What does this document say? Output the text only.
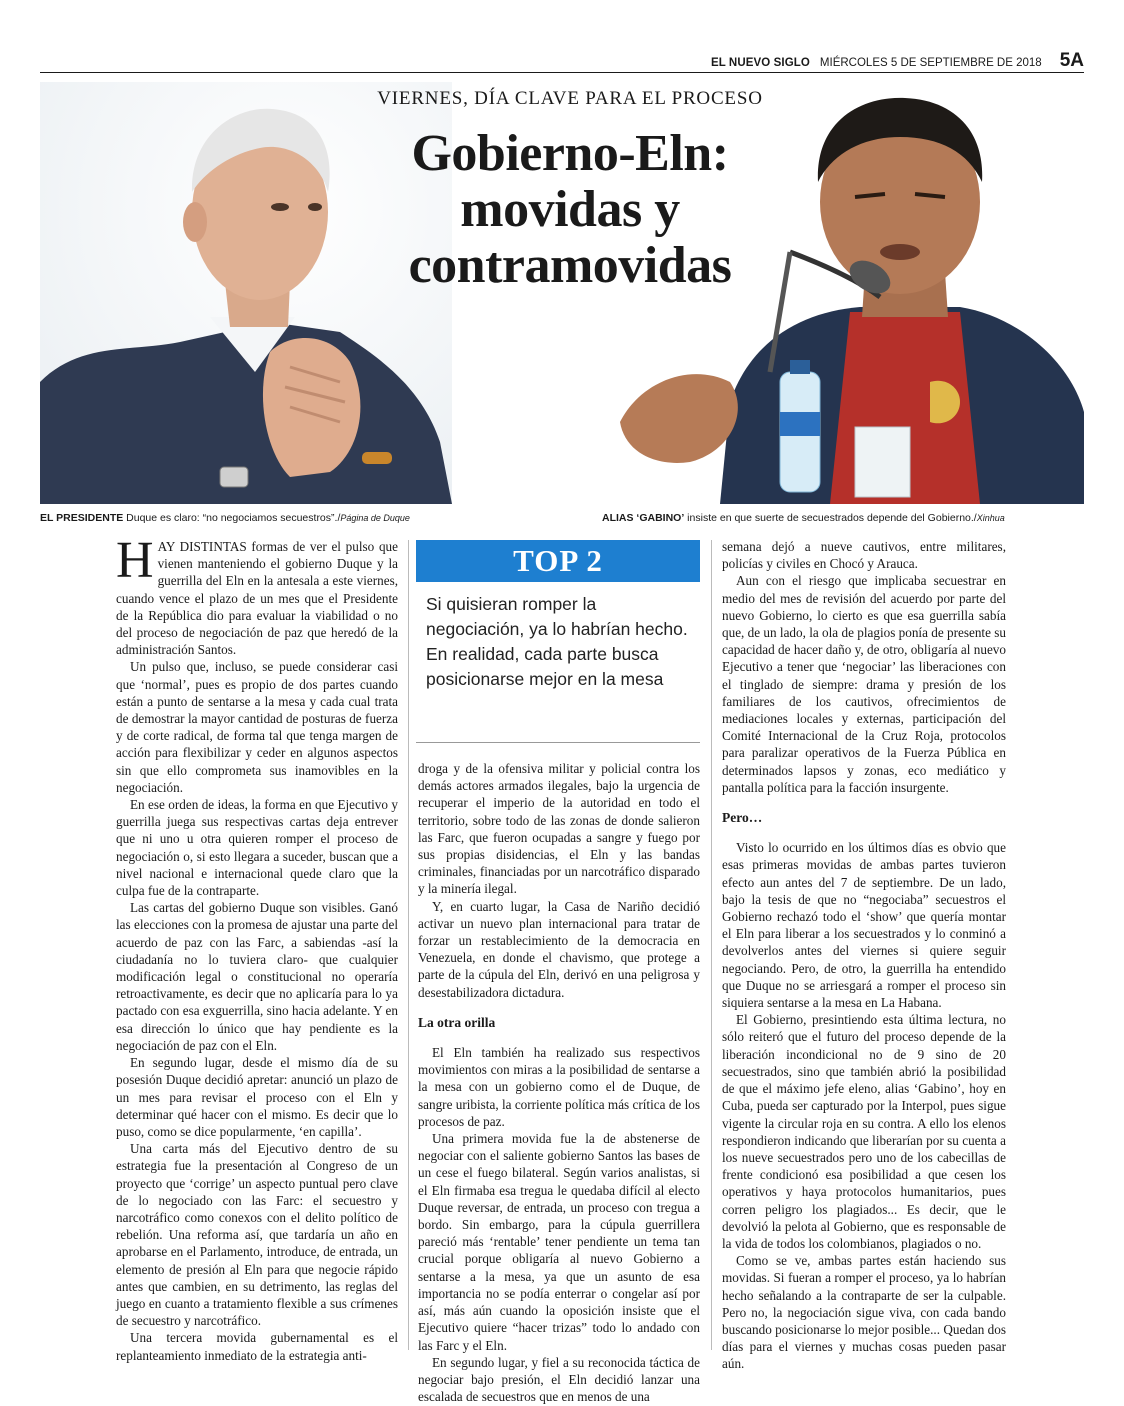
EL NUEVO SIGLO MIÉRCOLES 5 DE SEPTIEMBRE DE 2018 5A
VIERNES, DÍA CLAVE PARA EL PROCESO
Gobierno-Eln: movidas y contramovidas
EL PRESIDENTE Duque es claro: “no negociamos secuestros”./Página de Duque	ALIAS ‘GABINO’ insiste en que suerte de secuestrados depende del Gobierno./Xinhua

HAY DISTINTAS formas de ver el pulso que vienen manteniendo el gobierno Duque y la guerrilla del Eln en la antesala a este viernes, cuando vence el plazo de un mes que el Presidente de la República dio para evaluar la viabilidad o no del proceso de negociación de paz que heredó de la administración Santos.

Un pulso que, incluso, se puede considerar casi que ‘normal’, pues es propio de dos partes cuando están a punto de sentarse a la mesa y cada cual trata de demostrar la mayor cantidad de posturas de fuerza y de corte radical, de forma tal que tenga margen de acción para flexibilizar y ceder en algunos aspectos sin que ello comprometa sus inamovibles en la negociación.

En ese orden de ideas, la forma en que Ejecutivo y guerrilla juega sus respectivas cartas deja entrever que ni uno u otra quieren romper el proceso de negociación o, si esto llegara a suceder, buscan que a nivel nacional e internacional quede claro que la culpa fue de la contraparte.

Las cartas del gobierno Duque son visibles. Ganó las elecciones con la promesa de ajustar una parte del acuerdo de paz con las Farc, a sabiendas -así la ciudadanía no lo tuviera claro- que cualquier modificación legal o constitucional no operaría retroactivamente, es decir que no aplicaría para lo ya pactado con esa exguerrilla, sino hacia adelante. Y en esa dirección lo único que hay pendiente es la negociación de paz con el Eln.

En segundo lugar, desde el mismo día de su posesión Duque decidió apretar: anunció un plazo de un mes para revisar el proceso con el Eln y determinar qué hacer con el mismo. Es decir que lo puso, como se dice popularmente, ‘en capilla’.

Una carta más del Ejecutivo dentro de su estrategia fue la presentación al Congreso de un proyecto que ‘corrige’ un aspecto puntual pero clave de lo negociado con las Farc: el secuestro y narcotráfico como conexos con el delito político de rebelión. Una reforma así, que tardaría un año en aprobarse en el Parlamento, introduce, de entrada, un elemento de presión al Eln para que negocie rápido antes que cambien, en su detrimento, las reglas del juego en cuanto a tratamiento flexible a sus crímenes de secuestro y narcotráfico.

Una tercera movida gubernamental es el replanteamiento inmediato de la estrategia anti-

TOP 2
Si quisieran romper la negociación, ya lo habrían hecho. En realidad, cada parte busca posicionarse mejor en la mesa

droga y de la ofensiva militar y policial contra los demás actores armados ilegales, bajo la urgencia de recuperar el imperio de la autoridad en todo el territorio, sobre todo de las zonas de donde salieron las Farc, que fueron ocupadas a sangre y fuego por sus propias disidencias, el Eln y las bandas criminales, financiadas por un narcotráfico disparado y la minería ilegal.

Y, en cuarto lugar, la Casa de Nariño decidió activar un nuevo plan internacional para tratar de forzar un restablecimiento de la democracia en Venezuela, en donde el chavismo, que protege a parte de la cúpula del Eln, derivó en una peligrosa y desestabilizadora dictadura.

La otra orilla

El Eln también ha realizado sus respectivos movimientos con miras a la posibilidad de sentarse a la mesa con un gobierno como el de Duque, de sangre uribista, la corriente política más crítica de los procesos de paz.

Una primera movida fue la de abstenerse de negociar con el saliente gobierno Santos las bases de un cese el fuego bilateral. Según varios analistas, si el Eln firmaba esa tregua le quedaba difícil al electo Duque reversar, de entrada, un proceso con tregua a bordo. Sin embargo, para la cúpula guerrillera pareció más ‘rentable’ tener pendiente un tema tan crucial porque obligaría al nuevo Gobierno a sentarse a la mesa, ya que un asunto de esa importancia no se podía enterrar o congelar así por así, más aún cuando la oposición insiste que el Ejecutivo quiere “hacer trizas” todo lo andado con las Farc y el Eln.

En segundo lugar, y fiel a su reconocida táctica de negociar bajo presión, el Eln decidió lanzar una escalada de secuestros que en menos de una

semana dejó a nueve cautivos, entre militares, policías y civiles en Chocó y Arauca.

Aun con el riesgo que implicaba secuestrar en medio del mes de revisión del acuerdo por parte del nuevo Gobierno, lo cierto es que esa guerrilla sabía que, de un lado, la ola de plagios ponía de presente su capacidad de hacer daño y, de otro, obligaría al nuevo Ejecutivo a tener que ‘negociar’ las liberaciones con el tinglado de siempre: drama y presión de los familiares de los cautivos, ofrecimientos de mediaciones locales y externas, participación del Comité Internacional de la Cruz Roja, protocolos para paralizar operativos de la Fuerza Pública en determinados lapsos y zonas, eco mediático y pantalla política para la facción insurgente.

Pero…

Visto lo ocurrido en los últimos días es obvio que esas primeras movidas de ambas partes tuvieron efecto aun antes del 7 de septiembre. De un lado, bajo la tesis de que no “negociaba” secuestros el Gobierno rechazó todo el ‘show’ que quería montar el Eln para liberar a los secuestrados y lo conminó a devolverlos antes del viernes si quiere seguir negociando. Pero, de otro, la guerrilla ha entendido que Duque no se arriesgará a romper el proceso sin siquiera sentarse a la mesa en La Habana.

El Gobierno, presintiendo esta última lectura, no sólo reiteró que el futuro del proceso depende de la liberación incondicional no de 9 sino de 20 secuestrados, sino que también abrió la posibilidad de que el máximo jefe eleno, alias ‘Gabino’, hoy en Cuba, pueda ser capturado por la Interpol, pues sigue vigente la circular roja en su contra. A ello los elenos respondieron indicando que liberarían por su cuenta a los nueve secuestrados pero uno de los cabecillas de frente condicionó esa posibilidad a que cesen los operativos y haya protocolos humanitarios, pues corren peligro los plagiados... Es decir, que le devolvió la pelota al Gobierno, que es responsable de la vida de todos los colombianos, plagiados o no.

Como se ve, ambas partes están haciendo sus movidas. Si fueran a romper el proceso, ya lo habrían hecho señalando a la contraparte de ser la culpable. Pero no, la negociación sigue viva, con cada bando buscando posicionarse lo mejor posible... Quedan dos días para el viernes y muchas cosas pueden pasar aún.
